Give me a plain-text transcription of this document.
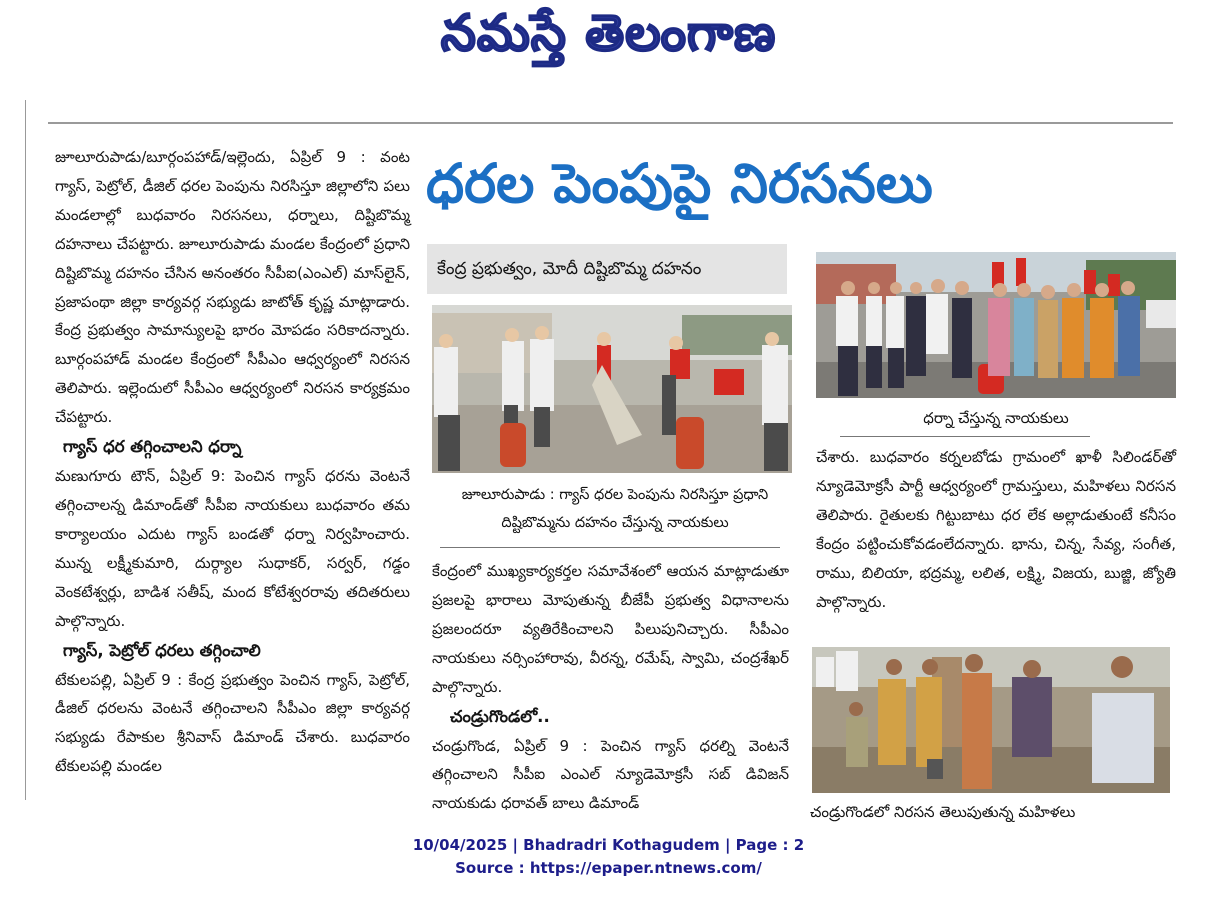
నమస్తే తెలంగాణ

జూలూరుపాడు/బూర్గంపహాడ్/ఇల్లెందు, ఏప్రిల్ 9 : వంట గ్యాస్, పెట్రోల్, డీజిల్ ధరల పెంపును నిరసిస్తూ జిల్లాలోని పలు మండలాల్లో బుధవారం నిరసనలు, ధర్నాలు, దిష్టిబొమ్మ దహనాలు చేపట్టారు. జూలూరుపాడు మండల కేంద్రంలో ప్రధాని దిష్టిబొమ్మ దహనం చేసిన అనంతరం సీపీఐ(ఎంఎల్) మాస్‌లైన్, ప్రజాపంథా జిల్లా కార్యవర్గ సభ్యుడు జాటోత్ కృష్ణ మాట్లాడారు. కేంద్ర ప్రభుత్వం సామాన్యులపై భారం మోపడం సరికాదన్నారు. బూర్గంపహాడ్ మండల కేంద్రంలో సీపీఎం ఆధ్వర్యంలో నిరసన తెలిపారు. ఇల్లెందులో సీపీఎం ఆధ్వర్యంలో నిరసన కార్యక్రమం చేపట్టారు.

గ్యాస్ ధర తగ్గించాలని ధర్నా

మణుగూరు టౌన్, ఏప్రిల్ 9: పెంచిన గ్యాస్ ధరను వెంటనే తగ్గించాలన్న డిమాండ్‌తో సీపీఐ నాయకులు బుధవారం తమ కార్యాలయం ఎదుట గ్యాస్ బండతో ధర్నా నిర్వహించారు. మున్న లక్ష్మీకుమారి, దుర్గ్యాల సుధాకర్, సర్వర్, గడ్డం వెంకటేశ్వర్లు, బాడిశ సతీష్, మంద కోటేశ్వరరావు తదితరులు పాల్గొన్నారు.

గ్యాస్, పెట్రోల్ ధరలు తగ్గించాలి

టేకులపల్లి, ఏప్రిల్ 9 : కేంద్ర ప్రభుత్వం పెంచిన గ్యాస్, పెట్రోల్, డీజిల్ ధరలను వెంటనే తగ్గించాలని సీపీఎం జిల్లా కార్యవర్గ సభ్యుడు రేపాకుల శ్రీనివాస్ డిమాండ్ చేశారు. బుధవారం టేకులపల్లి మండల

ధరల పెంపుపై నిరసనలు
కేంద్ర ప్రభుత్వం, మోదీ దిష్టిబొమ్మ దహనం
జూలూరుపాడు : గ్యాస్ ధరల పెంపును నిరసిస్తూ ప్రధాని దిష్టిబొమ్మను దహనం చేస్తున్న నాయకులు

కేంద్రంలో ముఖ్యకార్యకర్తల సమావేశంలో ఆయన మాట్లాడుతూ ప్రజలపై భారాలు మోపుతున్న బీజేపీ ప్రభుత్వ విధానాలను ప్రజలందరూ వ్యతిరేకించాలని పిలుపునిచ్చారు. సీపీఎం నాయకులు నర్సింహారావు, వీరన్న, రమేష్, స్వామి, చంద్రశేఖర్ పాల్గొన్నారు.

చండ్రుగొండలో..

చండ్రుగొండ, ఏప్రిల్ 9 : పెంచిన గ్యాస్ ధరల్ని వెంటనే తగ్గించాలని సీపీఐ ఎంఎల్ న్యూడెమోక్రసీ సబ్ డివిజన్ నాయకుడు ధరావత్ బాలు డిమాండ్

ధర్నా చేస్తున్న నాయకులు

చేశారు. బుధవారం కర్నలబోడు గ్రామంలో ఖాళీ సిలిండర్‌తో న్యూడెమోక్రసీ పార్టీ ఆధ్వర్యంలో గ్రామస్తులు, మహిళలు నిరసన తెలిపారు. రైతులకు గిట్టుబాటు ధర లేక అల్లాడుతుంటే కనీసం కేంద్రం పట్టించుకోవడంలేదన్నారు. భాను, చిన్న, సేవ్య, సంగీత, రాము, బిలియా, భద్రమ్మ, లలిత, లక్ష్మి, విజయ, బుజ్జి, జ్యోతి పాల్గొన్నారు.

చండ్రుగొండలో నిరసన తెలుపుతున్న మహిళలు
10/04/2025 | Bhadradri Kothagudem | Page : 2
Source : https://epaper.ntnews.com/
